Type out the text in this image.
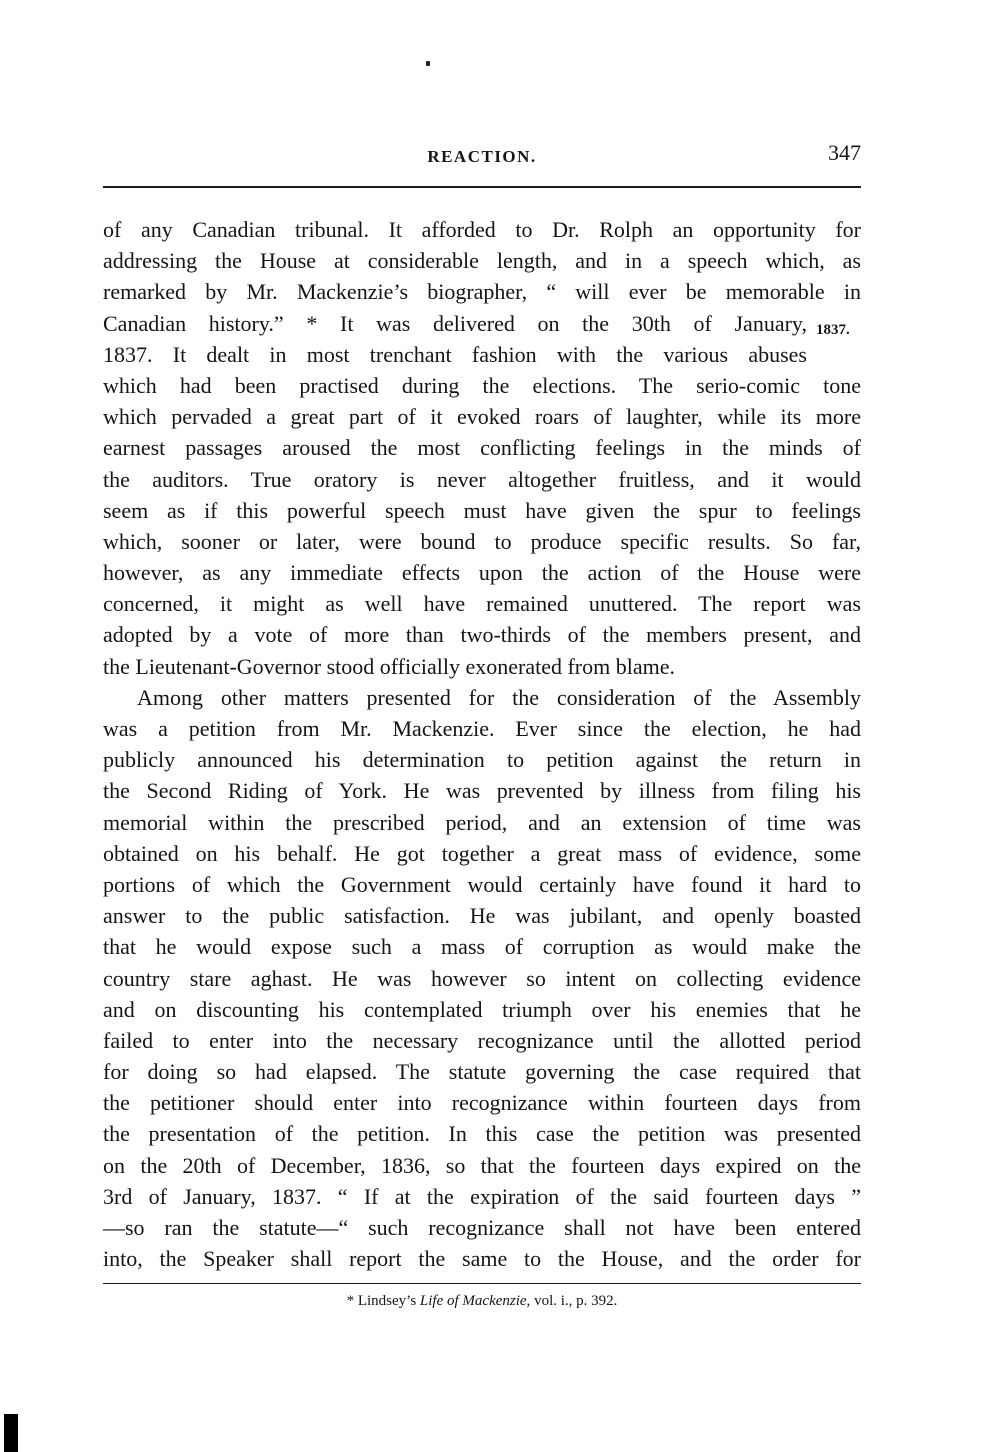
REACTION.	347
of any Canadian tribunal. It afforded to Dr. Rolph an opportunity for
addressing the House at considerable length, and in a speech which, as
remarked by Mr. Mackenzie’s biographer, “ will ever be memorable in
Canadian history.” * It was delivered on the 30th of January,
1837. It dealt in most trenchant fashion with the various abuses
which had been practised during the elections. The serio-comic tone
which pervaded a great part of it evoked roars of laughter, while its more
earnest passages aroused the most conflicting feelings in the minds of
the auditors. True oratory is never altogether fruitless, and it would
seem as if this powerful speech must have given the spur to feelings
which, sooner or later, were bound to produce specific results. So far,
however, as any immediate effects upon the action of the House were
concerned, it might as well have remained unuttered. The report was
adopted by a vote of more than two-thirds of the members present, and
the Lieutenant-Governor stood officially exonerated from blame.
Among other matters presented for the consideration of the Assembly
was a petition from Mr. Mackenzie. Ever since the election, he had
publicly announced his determination to petition against the return in
the Second Riding of York. He was prevented by illness from filing his
memorial within the prescribed period, and an extension of time was
obtained on his behalf. He got together a great mass of evidence, some
portions of which the Government would certainly have found it hard to
answer to the public satisfaction. He was jubilant, and openly boasted
that he would expose such a mass of corruption as would make the
country stare aghast. He was however so intent on collecting evidence
and on discounting his contemplated triumph over his enemies that he
failed to enter into the necessary recognizance until the allotted period
for doing so had elapsed. The statute governing the case required that
the petitioner should enter into recognizance within fourteen days from
the presentation of the petition. In this case the petition was presented
on the 20th of December, 1836, so that the fourteen days expired on the
3rd of January, 1837. “ If at the expiration of the said fourteen days ”
—so ran the statute—“ such recognizance shall not have been entered
into, the Speaker shall report the same to the House, and the order for
1837.
* Lindsey’s Life of Mackenzie, vol. i., p. 392.
